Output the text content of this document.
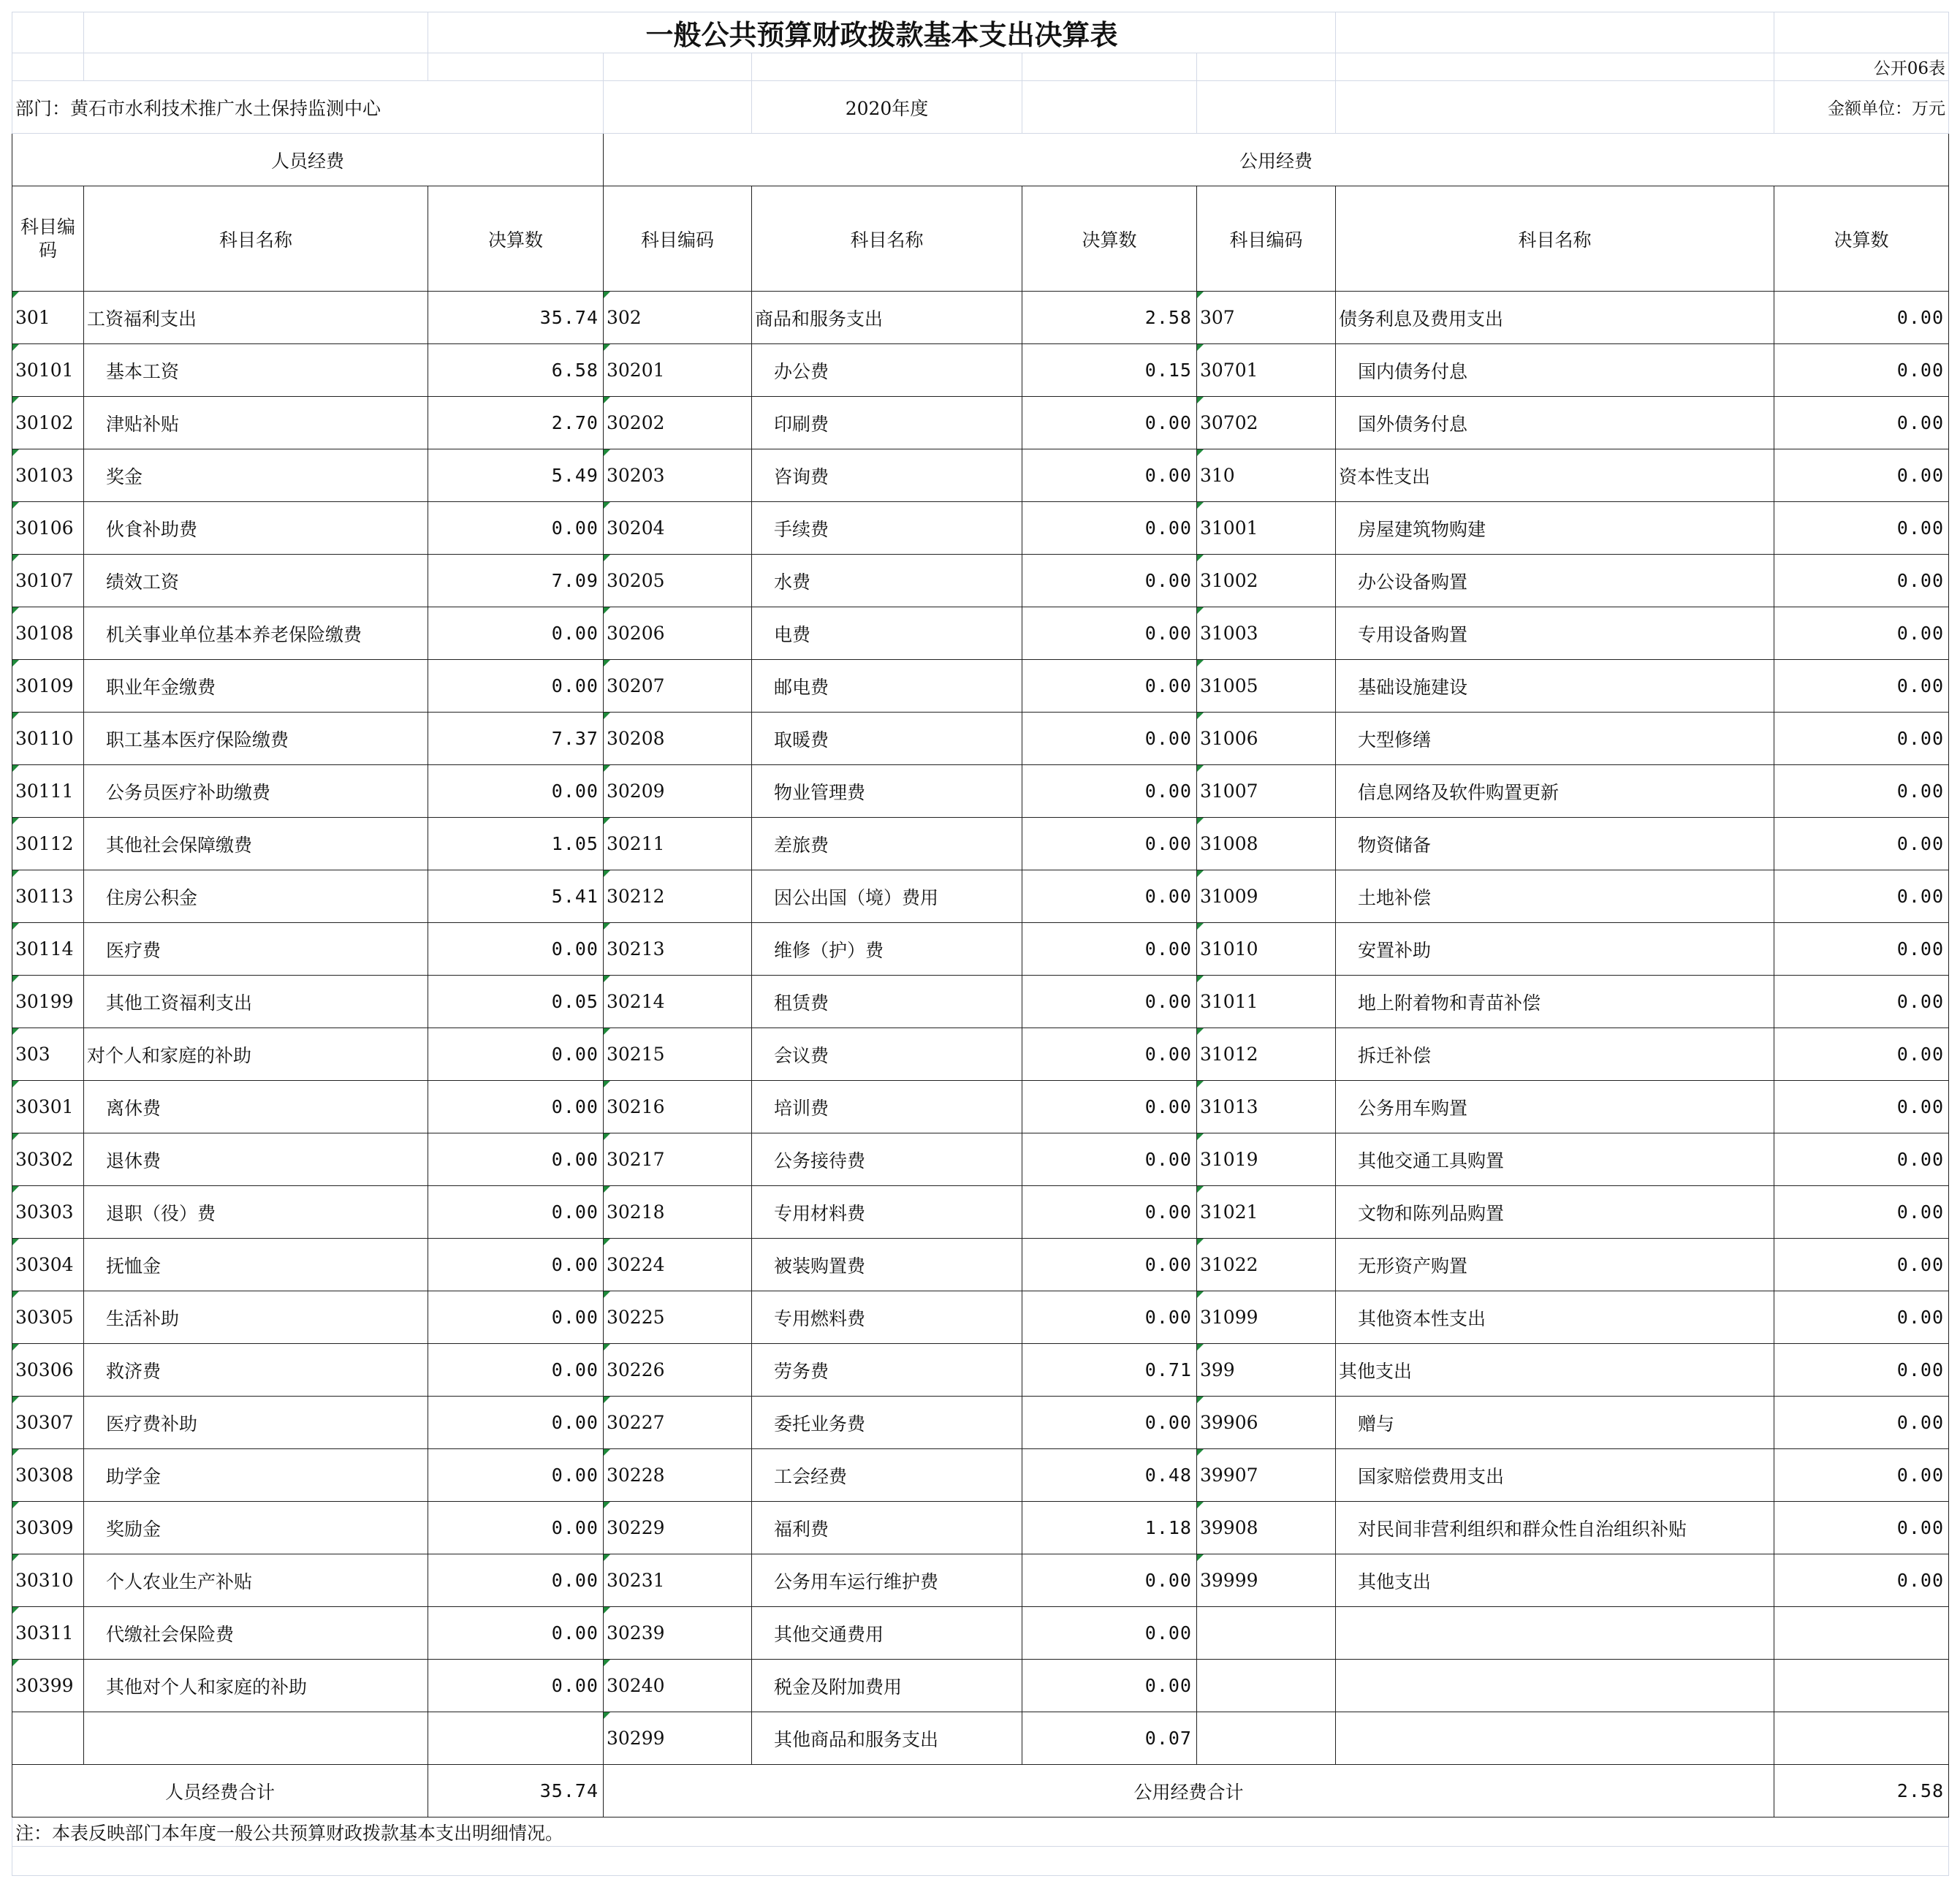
		一般公共预算财政拨款基本支出决算表						
								公开06表
部门：黄石市水利技术推广水土保持监测中心				2020年度				金额单位：万元
人员经费			公用经费					
科目编码	科目名称	决算数	科目编码	科目名称	决算数	科目编码	科目名称	决算数
301	工资福利支出	35.74	302	商品和服务支出	2.58	307	债务利息及费用支出	0.00
30101	基本工资	6.58	30201	办公费	0.15	30701	国内债务付息	0.00
30102	津贴补贴	2.70	30202	印刷费	0.00	30702	国外债务付息	0.00
30103	奖金	5.49	30203	咨询费	0.00	310	资本性支出	0.00
30106	伙食补助费	0.00	30204	手续费	0.00	31001	房屋建筑物购建	0.00
30107	绩效工资	7.09	30205	水费	0.00	31002	办公设备购置	0.00
30108	机关事业单位基本养老保险缴费	0.00	30206	电费	0.00	31003	专用设备购置	0.00
30109	职业年金缴费	0.00	30207	邮电费	0.00	31005	基础设施建设	0.00
30110	职工基本医疗保险缴费	7.37	30208	取暖费	0.00	31006	大型修缮	0.00
30111	公务员医疗补助缴费	0.00	30209	物业管理费	0.00	31007	信息网络及软件购置更新	0.00
30112	其他社会保障缴费	1.05	30211	差旅费	0.00	31008	物资储备	0.00
30113	住房公积金	5.41	30212	因公出国（境）费用	0.00	31009	土地补偿	0.00
30114	医疗费	0.00	30213	维修（护）费	0.00	31010	安置补助	0.00
30199	其他工资福利支出	0.05	30214	租赁费	0.00	31011	地上附着物和青苗补偿	0.00
303	对个人和家庭的补助	0.00	30215	会议费	0.00	31012	拆迁补偿	0.00
30301	离休费	0.00	30216	培训费	0.00	31013	公务用车购置	0.00
30302	退休费	0.00	30217	公务接待费	0.00	31019	其他交通工具购置	0.00
30303	退职（役）费	0.00	30218	专用材料费	0.00	31021	文物和陈列品购置	0.00
30304	抚恤金	0.00	30224	被装购置费	0.00	31022	无形资产购置	0.00
30305	生活补助	0.00	30225	专用燃料费	0.00	31099	其他资本性支出	0.00
30306	救济费	0.00	30226	劳务费	0.71	399	其他支出	0.00
30307	医疗费补助	0.00	30227	委托业务费	0.00	39906	赠与	0.00
30308	助学金	0.00	30228	工会经费	0.48	39907	国家赔偿费用支出	0.00
30309	奖励金	0.00	30229	福利费	1.18	39908	对民间非营利组织和群众性自治组织补贴	0.00
30310	个人农业生产补贴	0.00	30231	公务用车运行维护费	0.00	39999	其他支出	0.00
30311	代缴社会保险费	0.00	30239	其他交通费用	0.00			
30399	其他对个人和家庭的补助	0.00	30240	税金及附加费用	0.00			
			30299	其他商品和服务支出	0.07			
人员经费合计		35.74	公用经费合计					2.58
注：本表反映部门本年度一般公共预算财政拨款基本支出明细情况。								
